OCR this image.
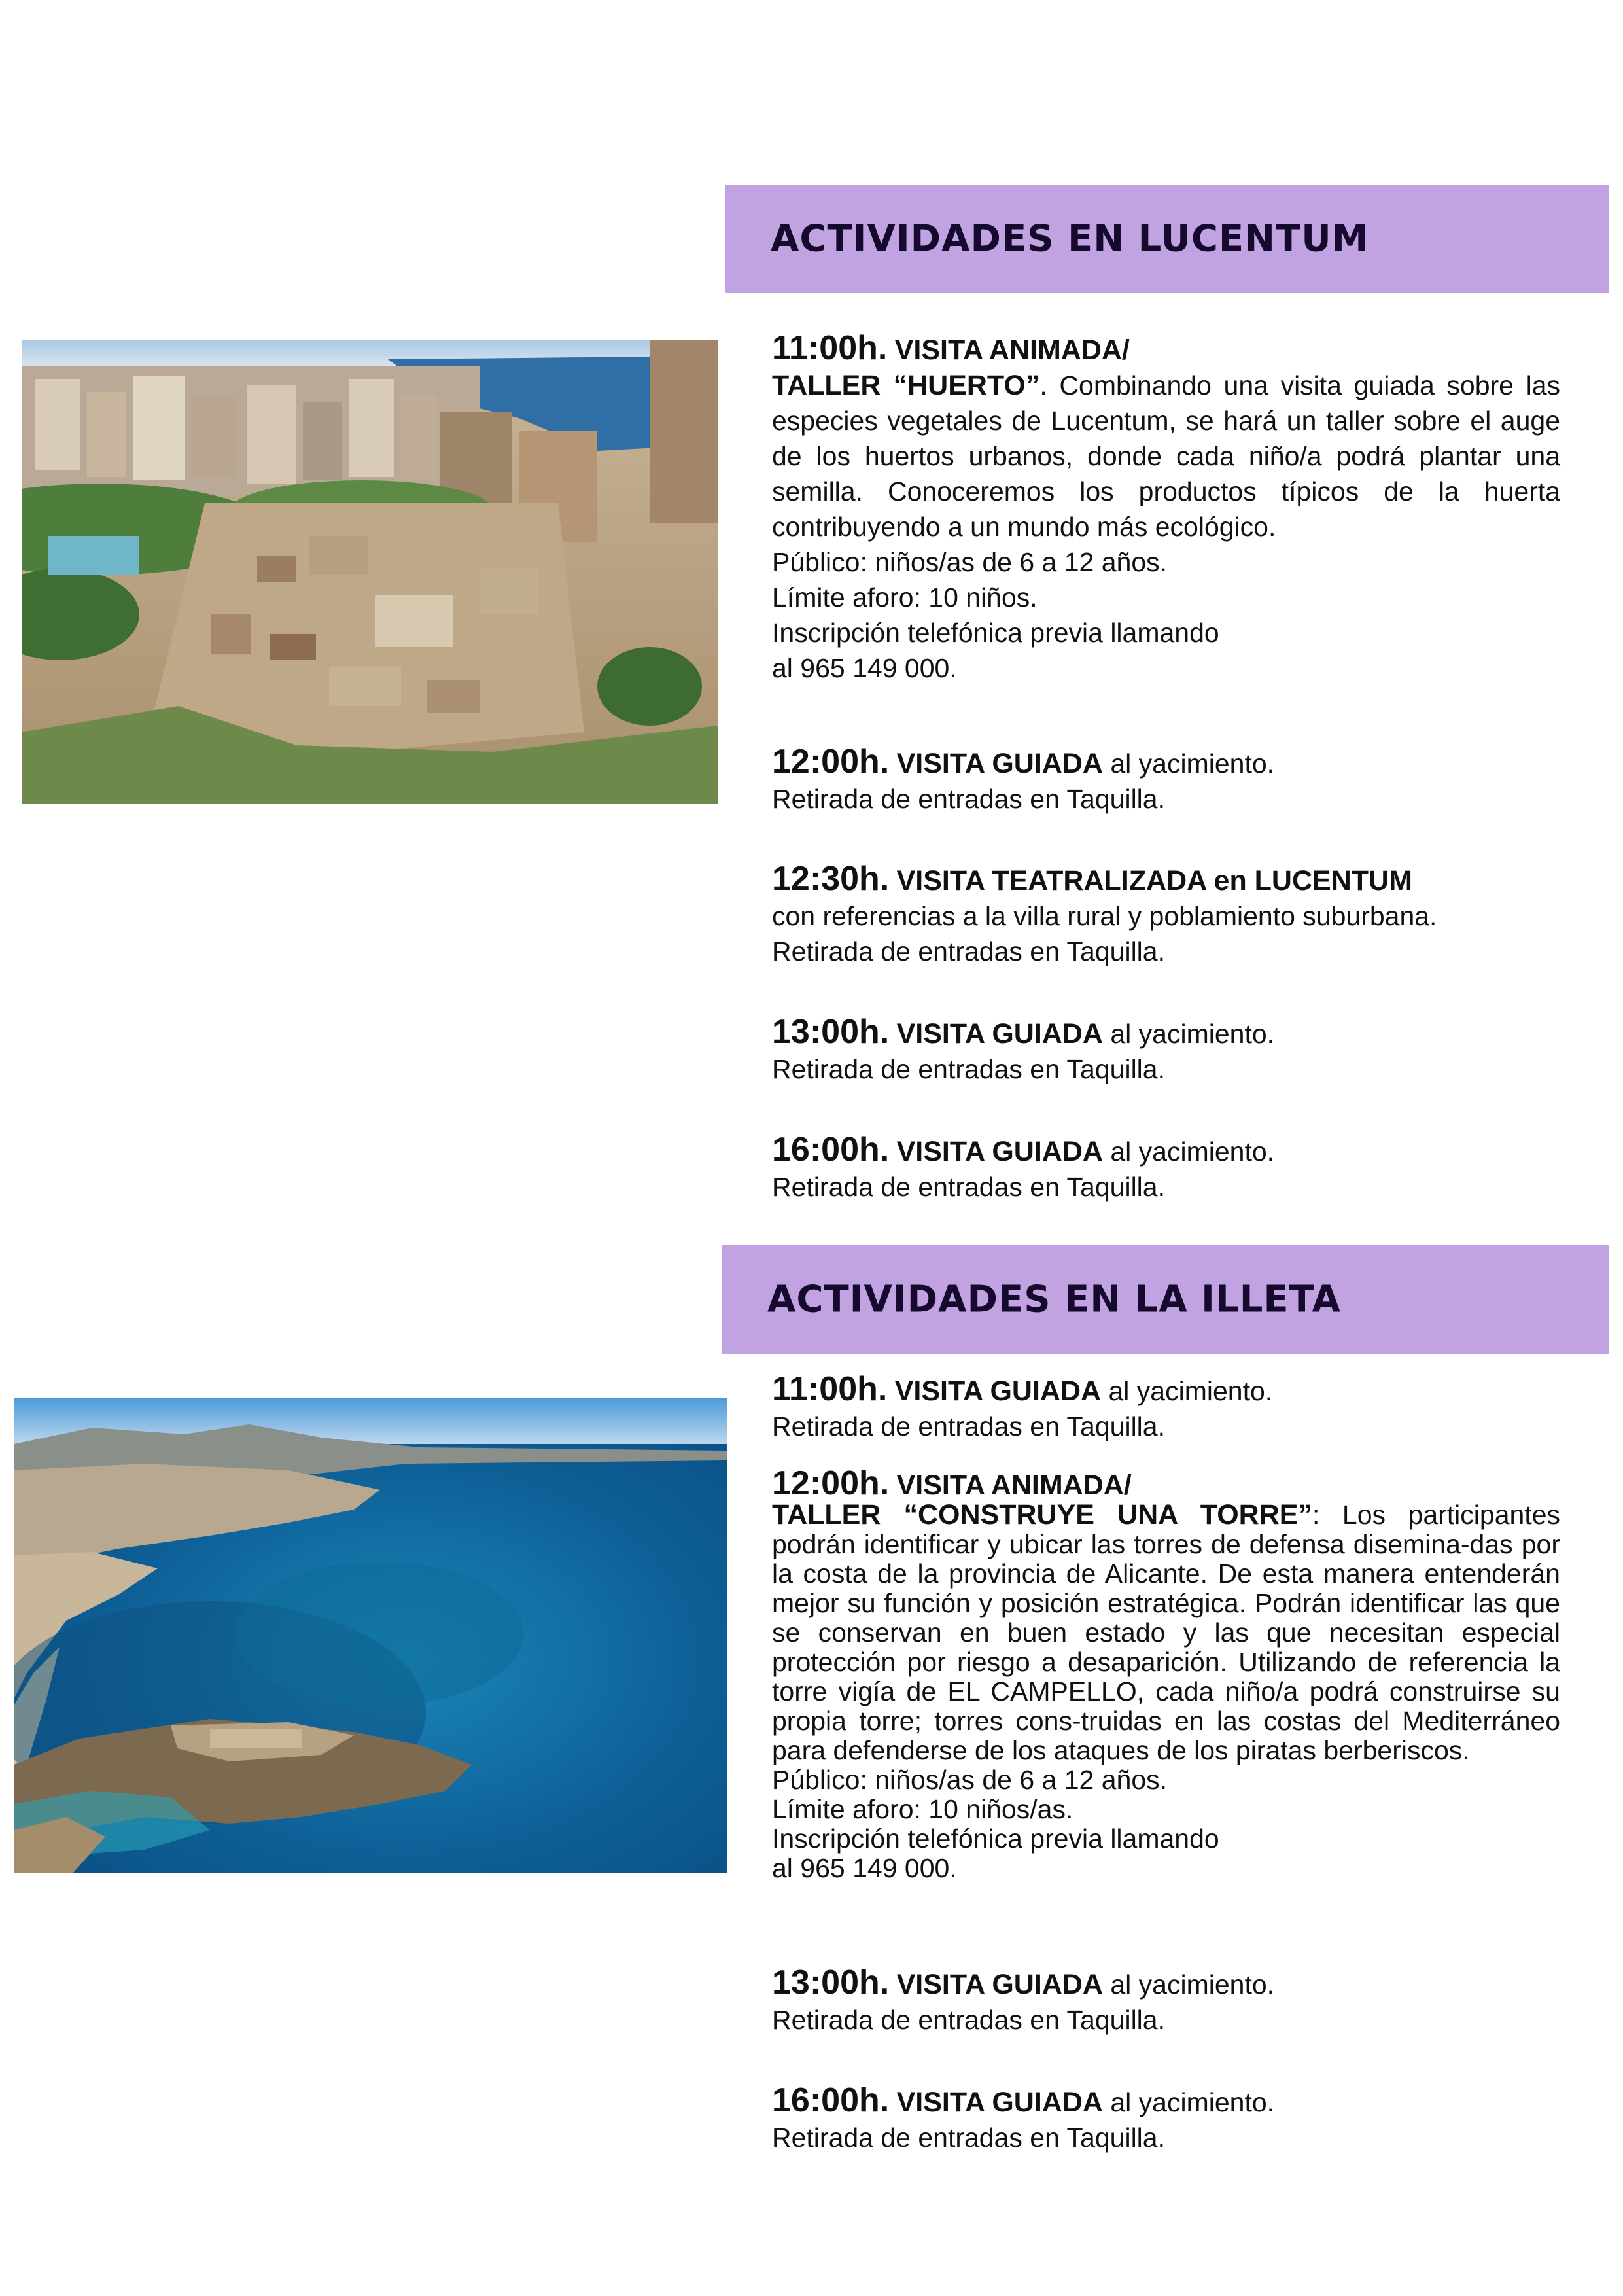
ACTIVIDADES EN LUCENTUM

11:00h. VISITA ANIMADA/

TALLER “HUERTO”. Combinando una visita guiada sobre las especies vegetales de Lucentum, se hará un taller sobre el auge de los huertos urbanos, donde cada niño/a podrá plantar una semilla. Conoceremos los productos típicos de la huerta contribuyendo a un mundo más ecológico.

Público: niños/as de 6 a 12 años.

Límite aforo: 10 niños.

Inscripción telefónica previa llamando

al 965 149 000.

12:00h. VISITA GUIADA al yacimiento.

Retirada de entradas en Taquilla.

12:30h. VISITA TEATRALIZADA en LUCENTUM

con referencias a la villa rural y poblamiento suburbana.

Retirada de entradas en Taquilla.

13:00h. VISITA GUIADA al yacimiento.

Retirada de entradas en Taquilla.

16:00h. VISITA GUIADA al yacimiento.

Retirada de entradas en Taquilla.

ACTIVIDADES EN LA ILLETA

11:00h. VISITA GUIADA al yacimiento.

Retirada de entradas en Taquilla.

12:00h. VISITA ANIMADA/

TALLER “CONSTRUYE UNA TORRE”: Los participantes podrán identificar y ubicar las torres de defensa disemina-das por la costa de la provincia de Alicante. De esta manera entenderán mejor su función y posición estratégica. Podrán identificar las que se conservan en buen estado y las que necesitan especial protección por riesgo a desaparición. Utilizando de referencia la torre vigía de EL CAMPELLO, cada niño/a podrá construirse su propia torre; torres cons-truidas en las costas del Mediterráneo para defenderse de los ataques de los piratas berberiscos.

Público: niños/as de 6 a 12 años.

Límite aforo: 10 niños/as.

Inscripción telefónica previa llamando

al 965 149 000.

13:00h. VISITA GUIADA al yacimiento.

Retirada de entradas en Taquilla.

16:00h. VISITA GUIADA al yacimiento.

Retirada de entradas en Taquilla.
